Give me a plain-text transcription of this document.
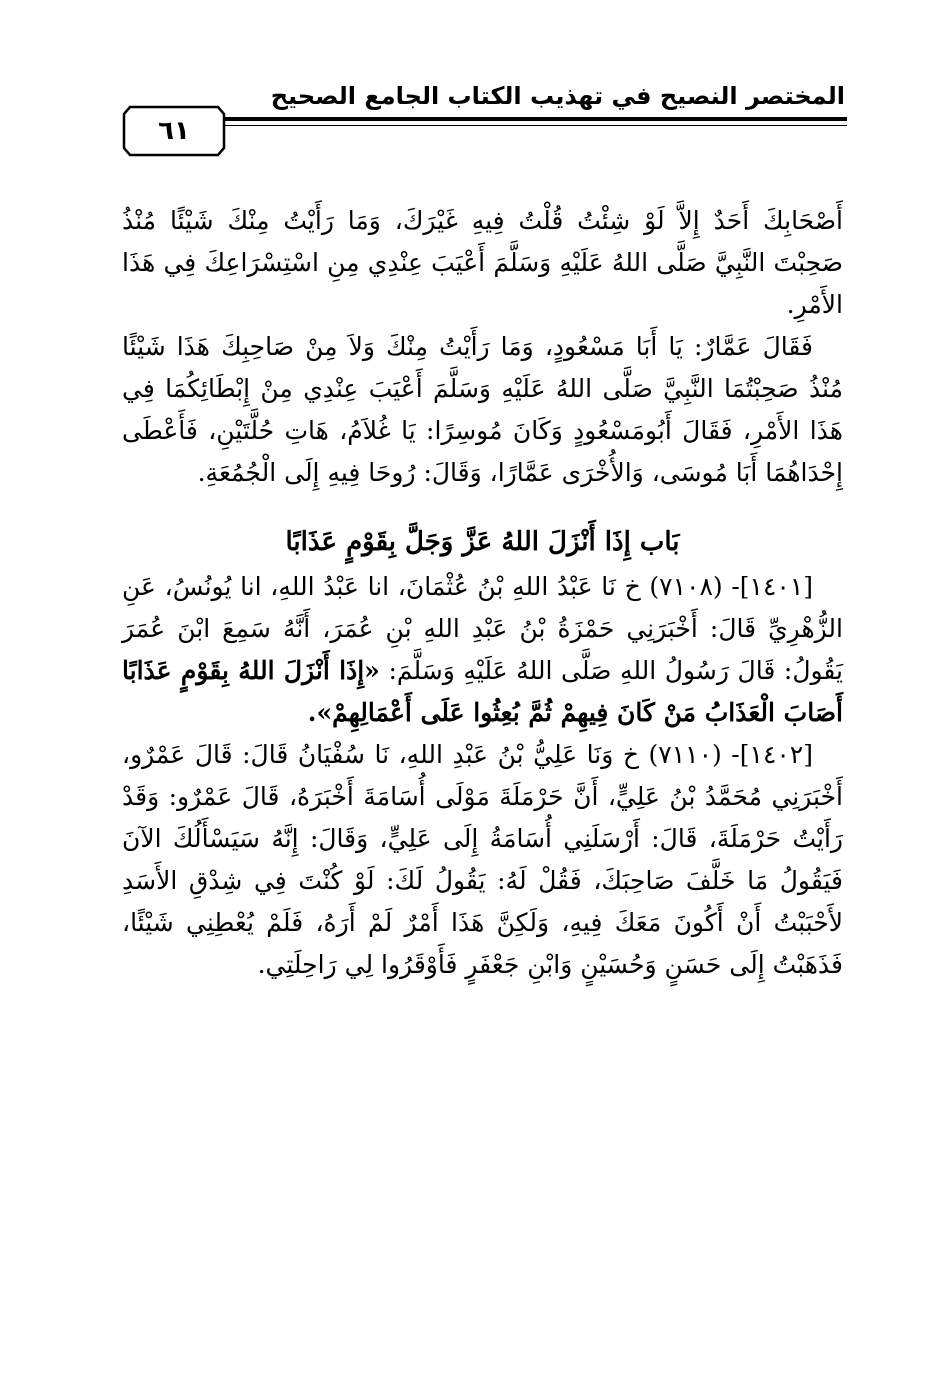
المختصر النصيح في تهذيب الكتاب الجامع الصحيح
٦١

أَصْحَابِكَ أَحَدٌ إِلاَّ لَوْ شِئْتُ قُلْتُ فِيهِ غَيْرَكَ، وَمَا رَأَيْتُ مِنْكَ شَيْئًا مُنْذُ صَحِبْتَ النَّبِيَّ صَلَّى اللهُ عَلَيْهِ وَسَلَّمَ أَعْيَبَ عِنْدِي مِنِ اسْتِسْرَاعِكَ فِي هَذَا الأَمْرِ.

فَقَالَ عَمَّارٌ: يَا أَبَا مَسْعُودٍ، وَمَا رَأَيْتُ مِنْكَ وَلاَ مِنْ صَاحِبِكَ هَذَا شَيْئًا مُنْذُ صَحِبْتُمَا النَّبِيَّ صَلَّى اللهُ عَلَيْهِ وَسَلَّمَ أَعْيَبَ عِنْدِي مِنْ إِبْطَائِكُمَا فِي هَذَا الأَمْرِ، فَقَالَ أَبُومَسْعُودٍ وَكَانَ مُوسِرًا: يَا غُلاَمُ، هَاتِ حُلَّتَيْنِ، فَأَعْطَى إِحْدَاهُمَا أَبَا مُوسَى، وَالأُخْرَى عَمَّارًا، وَقَالَ: رُوحَا فِيهِ إِلَى الْجُمُعَةِ.

بَاب إِذَا أَنْزَلَ اللهُ عَزَّ وَجَلَّ بِقَوْمٍ عَذَابًا

[١٤٠١]- (٧١٠٨) خ نَا عَبْدُ اللهِ بْنُ عُثْمَانَ، انا عَبْدُ اللهِ، انا يُونُسُ، عَنِ الزُّهْرِيِّ قَالَ: أَخْبَرَنِي حَمْزَةُ بْنُ عَبْدِ اللهِ بْنِ عُمَرَ، أَنَّهُ سَمِعَ ابْنَ عُمَرَ يَقُولُ: قَالَ رَسُولُ اللهِ صَلَّى اللهُ عَلَيْهِ وَسَلَّمَ: «إِذَا أَنْزَلَ اللهُ بِقَوْمٍ عَذَابًا أَصَابَ الْعَذَابُ مَنْ كَانَ فِيهِمْ ثُمَّ بُعِثُوا عَلَى أَعْمَالِهِمْ».

[١٤٠٢]- (٧١١٠) خ وَنَا عَلِيُّ بْنُ عَبْدِ اللهِ، نَا سُفْيَانُ قَالَ: قَالَ عَمْرٌو، أَخْبَرَنِي مُحَمَّدُ بْنُ عَلِيٍّ، أَنَّ حَرْمَلَةَ مَوْلَى أُسَامَةَ أَخْبَرَهُ، قَالَ عَمْرٌو: وَقَدْ رَأَيْتُ حَرْمَلَةَ، قَالَ: أَرْسَلَنِي أُسَامَةُ إِلَى عَلِيٍّ، وَقَالَ: إِنَّهُ سَيَسْأَلُكَ الآنَ فَيَقُولُ مَا خَلَّفَ صَاحِبَكَ، فَقُلْ لَهُ: يَقُولُ لَكَ: لَوْ كُنْتَ فِي شِدْقِ الأَسَدِ لأَحْبَبْتُ أَنْ أَكُونَ مَعَكَ فِيهِ، وَلَكِنَّ هَذَا أَمْرٌ لَمْ أَرَهُ، فَلَمْ يُعْطِنِي شَيْئًا، فَذَهَبْتُ إِلَى حَسَنٍ وَحُسَيْنٍ وَابْنِ جَعْفَرٍ فَأَوْقَرُوا لِي رَاحِلَتِي.
